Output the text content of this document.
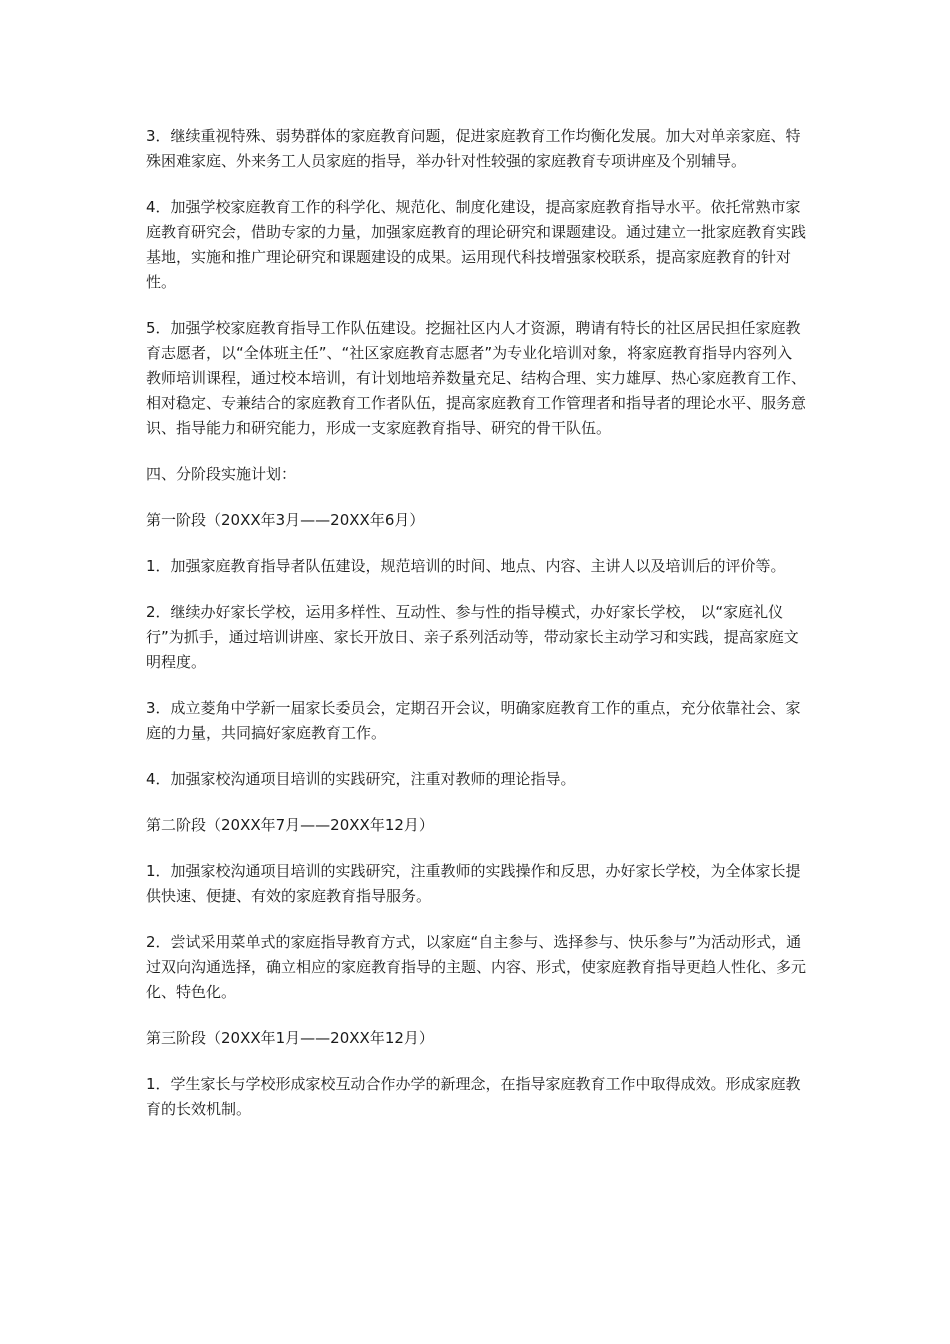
3．继续重视特殊、弱势群体的家庭教育问题，促进家庭教育工作均衡化发展。加大对单亲家庭、特殊困难家庭、外来务工人员家庭的指导，举办针对性较强的家庭教育专项讲座及个别辅导。

4．加强学校家庭教育工作的科学化、规范化、制度化建设，提高家庭教育指导水平。依托常熟市家庭教育研究会，借助专家的力量，加强家庭教育的理论研究和课题建设。通过建立一批家庭教育实践基地，实施和推广理论研究和课题建设的成果。运用现代科技增强家校联系，提高家庭教育的针对性。

5．加强学校家庭教育指导工作队伍建设。挖掘社区内人才资源，聘请有特长的社区居民担任家庭教育志愿者，以“全体班主任”、“社区家庭教育志愿者”为专业化培训对象，将家庭教育指导内容列入教师培训课程，通过校本培训，有计划地培养数量充足、结构合理、实力雄厚、热心家庭教育工作、相对稳定、专兼结合的家庭教育工作者队伍，提高家庭教育工作管理者和指导者的理论水平、服务意识、指导能力和研究能力，形成一支家庭教育指导、研究的骨干队伍。

四、分阶段实施计划：

第一阶段（20XX年3月——20XX年6月）

1．加强家庭教育指导者队伍建设，规范培训的时间、地点、内容、主讲人以及培训后的评价等。

2．继续办好家长学校，运用多样性、互动性、参与性的指导模式，办好家长学校， 以“家庭礼仪行”为抓手，通过培训讲座、家长开放日、亲子系列活动等，带动家长主动学习和实践，提高家庭文明程度。

3．成立菱角中学新一届家长委员会，定期召开会议，明确家庭教育工作的重点，充分依靠社会、家庭的力量，共同搞好家庭教育工作。

4．加强家校沟通项目培训的实践研究，注重对教师的理论指导。

第二阶段（20XX年7月——20XX年12月）

1．加强家校沟通项目培训的实践研究，注重教师的实践操作和反思，办好家长学校，为全体家长提供快速、便捷、有效的家庭教育指导服务。

2．尝试采用菜单式的家庭指导教育方式，以家庭“自主参与、选择参与、快乐参与”为活动形式，通过双向沟通选择，确立相应的家庭教育指导的主题、内容、形式，使家庭教育指导更趋人性化、多元化、特色化。

第三阶段（20XX年1月——20XX年12月）

1．学生家长与学校形成家校互动合作办学的新理念，在指导家庭教育工作中取得成效。形成家庭教育的长效机制。
